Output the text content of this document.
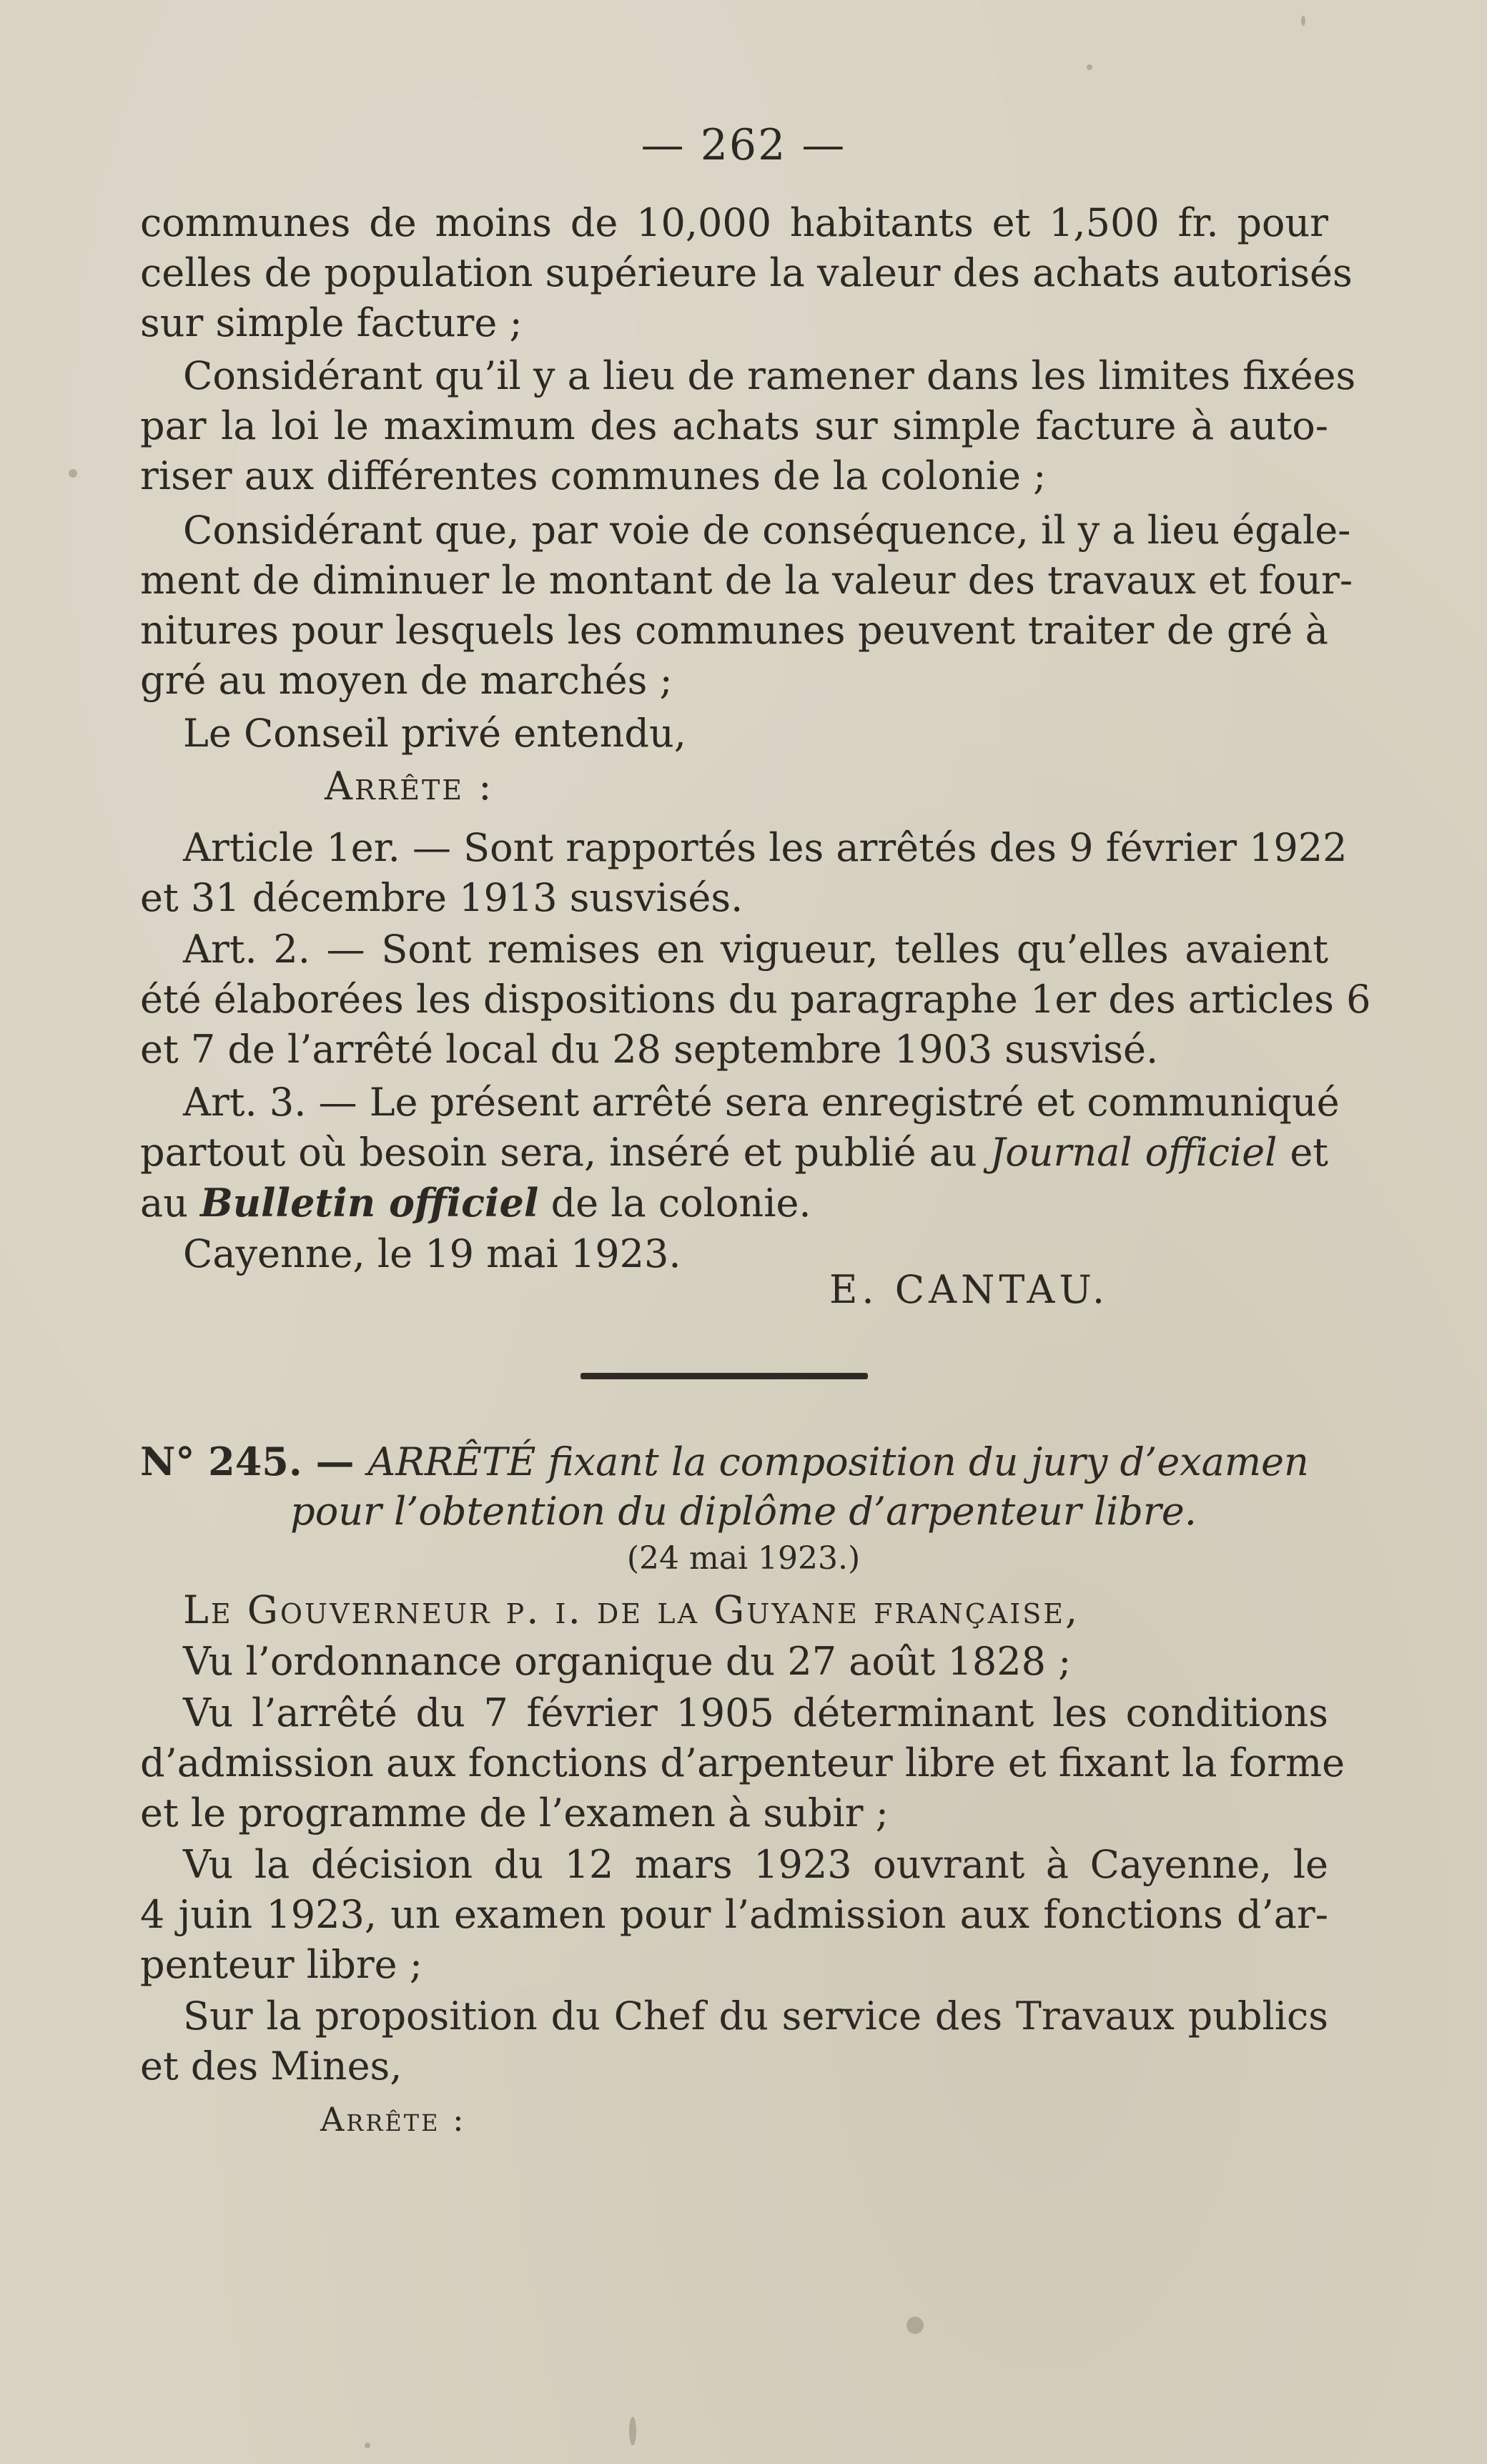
— 262 —
communes de moins de 10,000 habitants et 1,500 fr. pour
celles de population supérieure la valeur des achats autorisés
sur simple facture ;
Considérant qu’il y a lieu de ramener dans les limites fixées
par la loi le maximum des achats sur simple facture à auto-
riser aux différentes communes de la colonie ;
Considérant que, par voie de conséquence, il y a lieu égale-
ment de diminuer le montant de la valeur des travaux et four-
nitures pour lesquels les communes peuvent traiter de gré à
gré au moyen de marchés ;
Le Conseil privé entendu,
Arrête :
Article 1er. — Sont rapportés les arrêtés des 9 février 1922
et 31 décembre 1913 susvisés.
Art. 2. — Sont remises en vigueur, telles qu’elles avaient
été élaborées les dispositions du paragraphe 1er des articles 6
et 7 de l’arrêté local du 28 septembre 1903 susvisé.
Art. 3. — Le présent arrêté sera enregistré et communiqué
partout où besoin sera, inséré et publié au Journal officiel et
au Bulletin officiel de la colonie.
Cayenne, le 19 mai 1923.
E. CANTAU.
N° 245. — ARRÊTÉ fixant la composition du jury d’examen
pour l’obtention du diplôme d’arpenteur libre.
(24 mai 1923.)
Le Gouverneur p. i. de la Guyane française,
Vu l’ordonnance organique du 27 août 1828 ;
Vu l’arrêté du 7 février 1905 déterminant les conditions
d’admission aux fonctions d’arpenteur libre et fixant la forme
et le programme de l’examen à subir ;
Vu la décision du 12 mars 1923 ouvrant à Cayenne, le
4 juin 1923, un examen pour l’admission aux fonctions d’ar-
penteur libre ;
Sur la proposition du Chef du service des Travaux publics
et des Mines,
Arrête :
